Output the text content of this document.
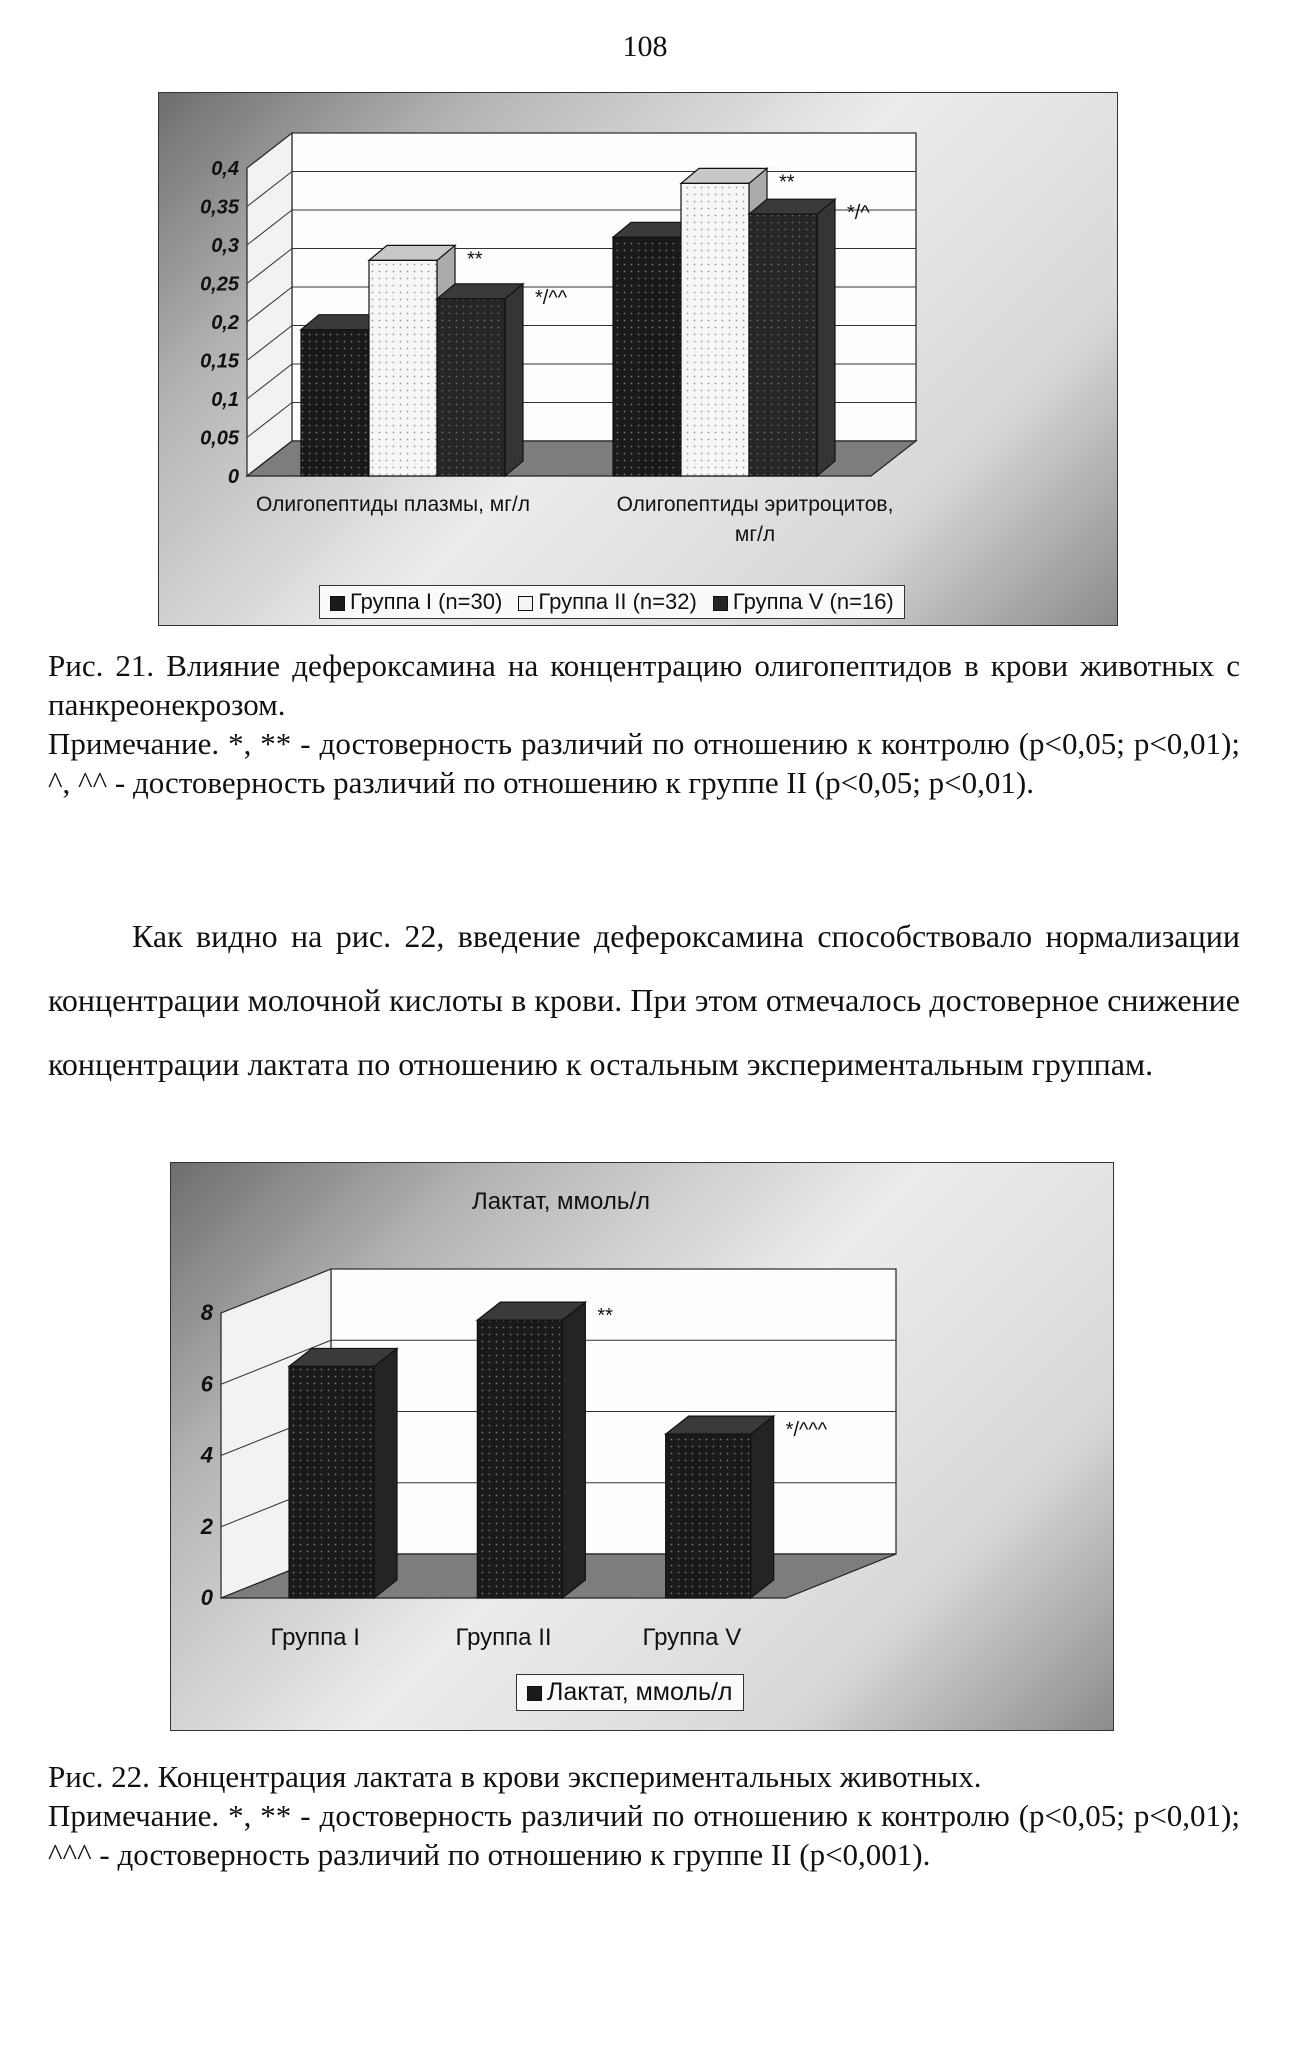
108
0
0,05
0,1
0,15
0,2
0,25
0,3
0,35
0,4
Олигопептиды плазмы, мг/л	Олигопептиды эритроцитов,
мг/л
**
*/^^
**
*/^
Группа I (n=30) Группа II (n=32) Группа V (n=16)
Рис. 21. Влияние дефероксамина на концентрацию олигопептидов в крови животных с панкреонекрозом.
Примечание. *, ** - достоверность различий по отношению к контролю (p<0,05; p<0,01); ^, ^^ - достоверность различий по отношению к группе II (p<0,05; p<0,01).
Как видно на рис. 22, введение дефероксамина способствовало нормализации концентрации молочной кислоты в крови. При этом отмечалось достоверное снижение концентрации лактата по отношению к остальным экспериментальным группам.
0
2
4
6
8
Группа I	Группа II	Группа V
**
*/^^^
Лактат, ммоль/л
Лактат, ммоль/л
Рис. 22. Концентрация лактата в крови экспериментальных животных.
Примечание. *, ** - достоверность различий по отношению к контролю (p<0,05; p<0,01); ^^^ - достоверность различий по отношению к группе II (p<0,001).
